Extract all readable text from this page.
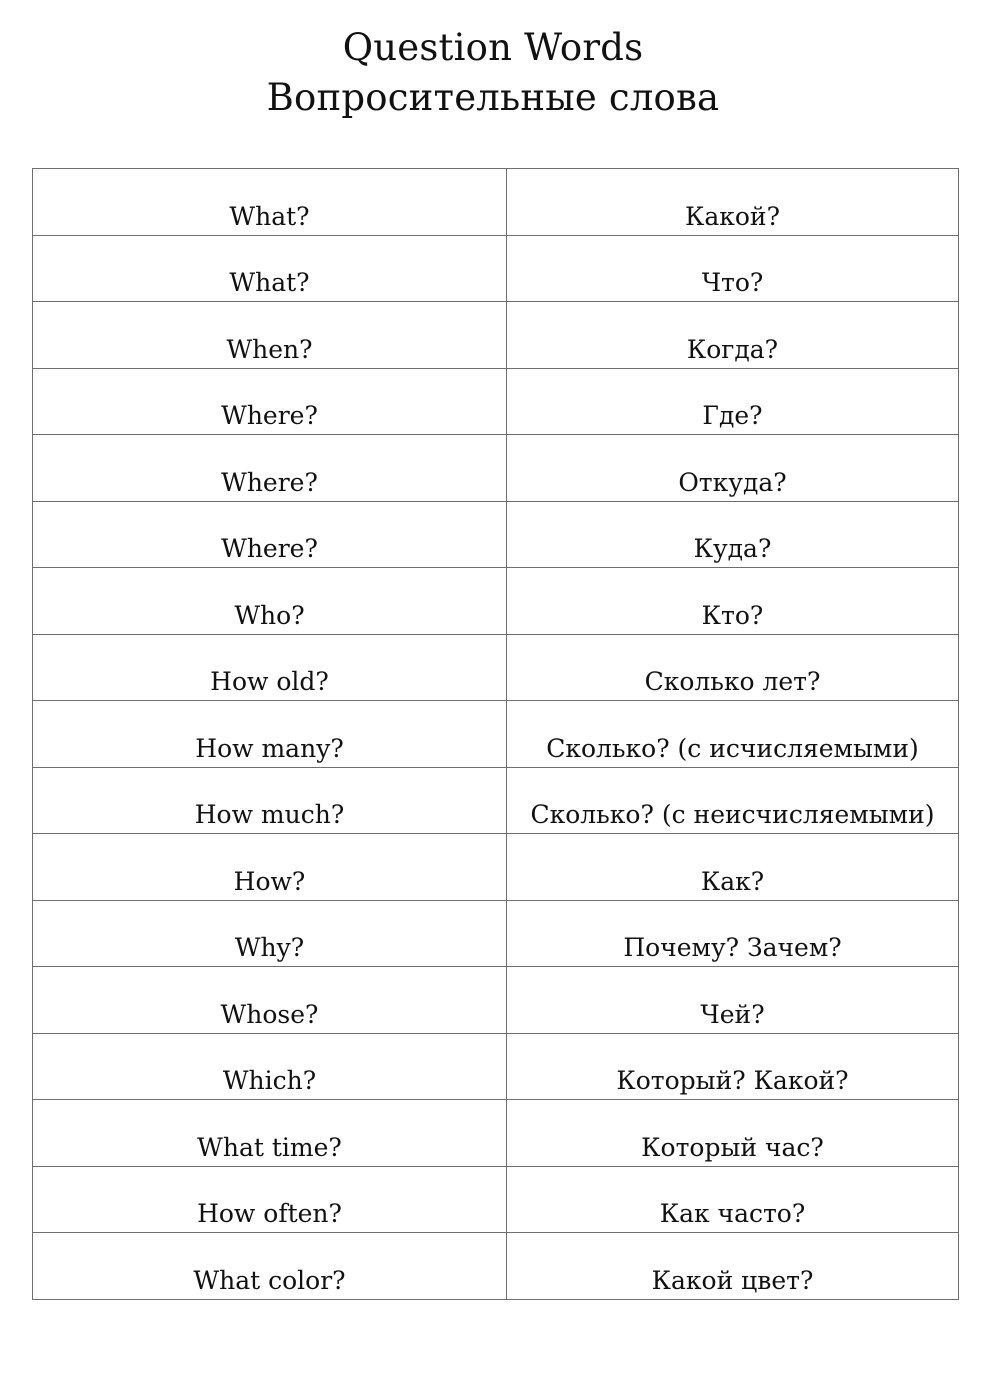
Question Words
Вопросительные слова
What?	Какой?
What?	Что?
When?	Когда?
Where?	Где?
Where?	Откуда?
Where?	Куда?
Who?	Кто?
How old?	Сколько лет?
How many?	Сколько? (с исчисляемыми)
How much?	Сколько? (с неисчисляемыми)
How?	Как?
Why?	Почему? Зачем?
Whose?	Чей?
Which?	Который? Какой?
What time?	Который час?
How often?	Как часто?
What color?	Какой цвет?
